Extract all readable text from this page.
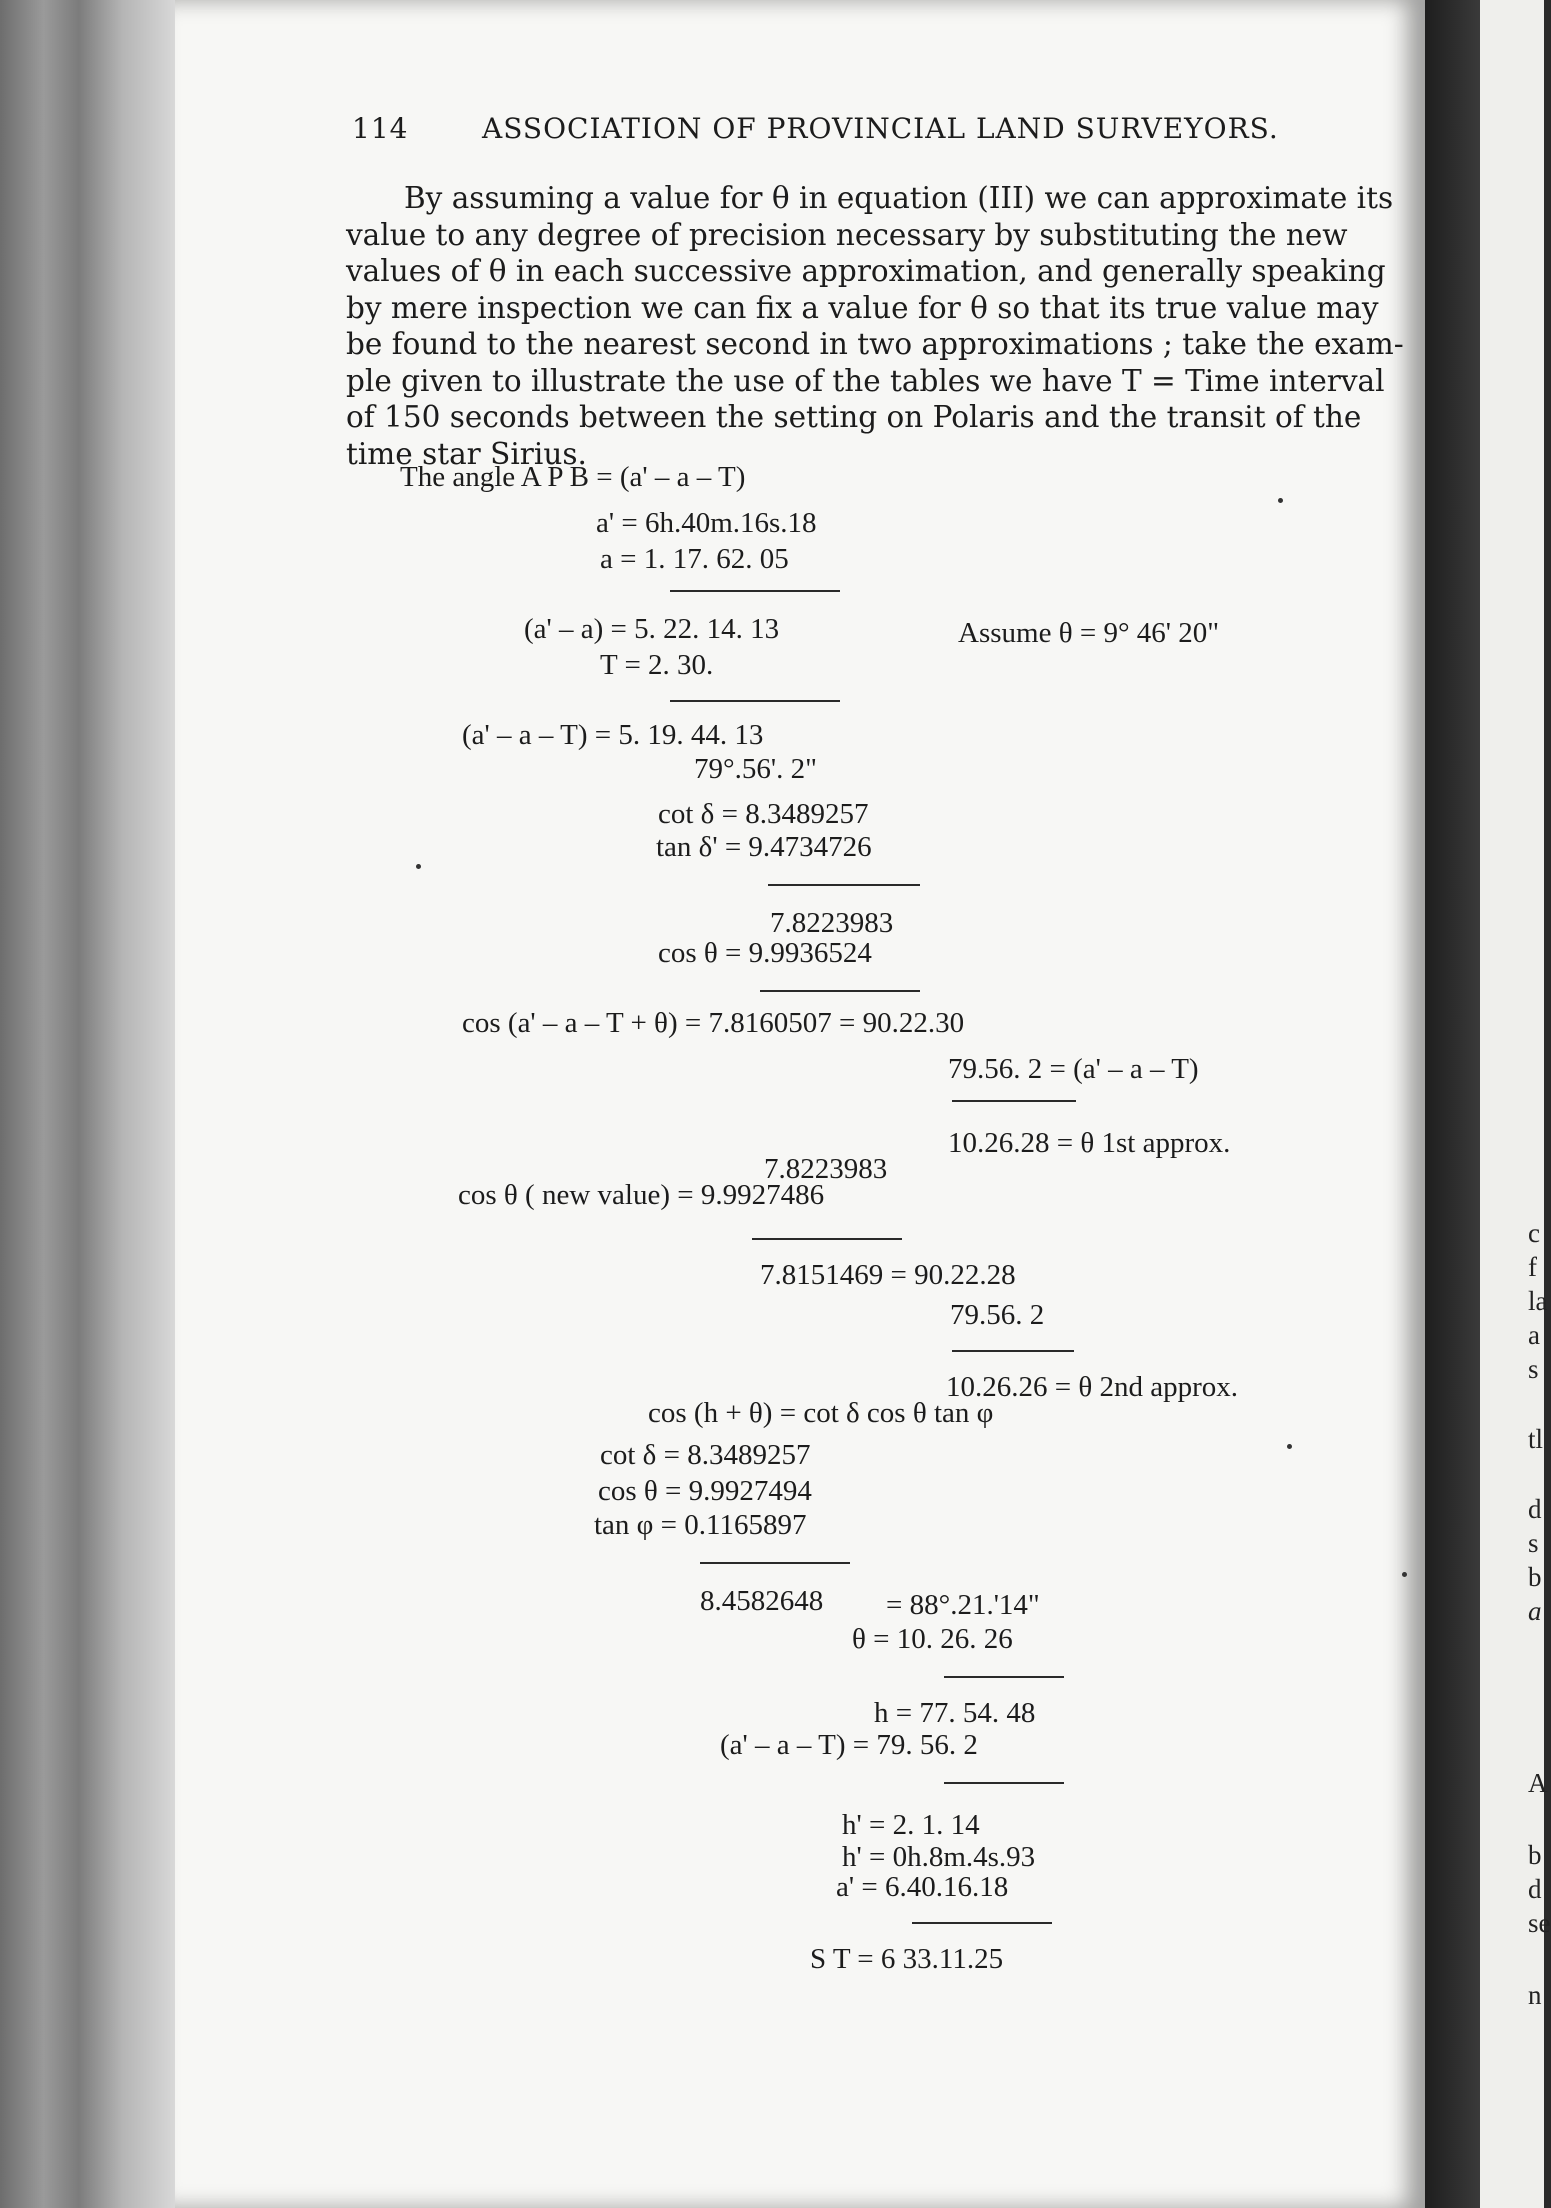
c
f
la
a
s
tl
d
s
b
a
A
b
d
se
n
114	ASSOCIATION OF PROVINCIAL LAND SURVEYORS.
By assuming a value for θ in equation (III) we can approximate its
value to any degree of precision necessary by substituting the new
values of θ in each successive approximation, and generally speaking
by mere inspection we can fix a value for θ so that its true value may
be found to the nearest second in two approximations ; take the exam-
ple given to illustrate the use of the tables we have T = Time interval
of 150 seconds between the setting on Polaris and the transit of the
time star Sirius.
The angle A P B = (a' – a – T)
a' = 6h.40m.16s.18
a = 1. 17. 62. 05
(a' – a) = 5. 22. 14. 13	Assume θ = 9° 46' 20"
T = 2. 30.
(a' – a – T) = 5. 19. 44. 13
79°.56'. 2"
cot δ = 8.3489257
tan δ' = 9.4734726
7.8223983
cos θ = 9.9936524
cos (a' – a – T + θ) = 7.8160507 = 90.22.30
79.56. 2 = (a' – a – T)
10.26.28 = θ 1st approx.
7.8223983
cos θ ( new value) = 9.9927486
7.8151469 = 90.22.28
79.56. 2
10.26.26 = θ 2nd approx.
cos (h + θ) = cot δ cos θ tan φ
cot δ = 8.3489257
cos θ = 9.9927494
tan φ = 0.1165897
8.4582648 = 88°.21.'14"
θ = 10. 26. 26
h = 77. 54. 48
(a' – a – T) = 79. 56. 2
h' = 2. 1. 14
h' = 0h.8m.4s.93
a' = 6.40.16.18
S T = 6 33.11.25
